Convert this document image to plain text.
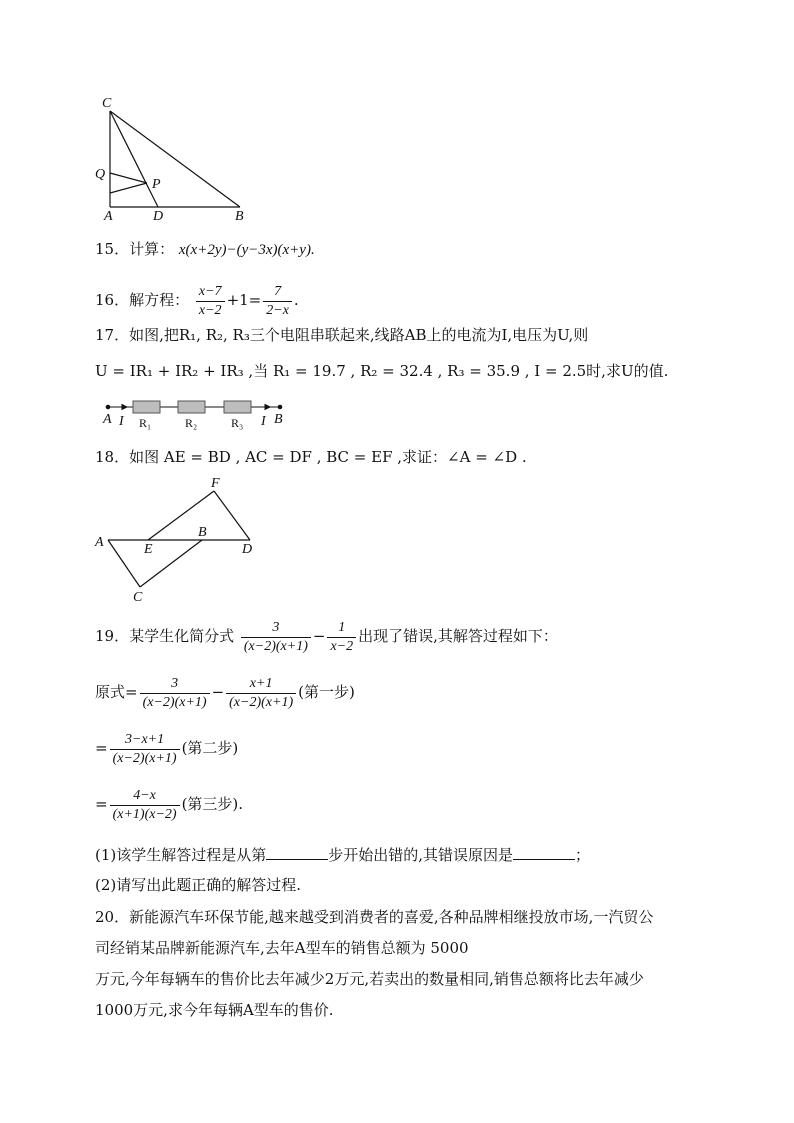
C
Q
P
A	D	B
15．计算： x(x+2y)−(y−3x)(x+y).
16．解方程： $\frac{x-7}{x-2} +1= \frac{7}{2-x}$ .
17．如图,把R₁, R₂, R₃三个电阻串联起来,线路AB上的电流为I,电压为U,则
U = IR₁ + IR₂ + IR₃ ,当 R₁ = 19.7 , R₂ = 32.4 , R₃ = 35.9 , I = 2.5时,求U的值.
A I R₁	R₂	R₃ I B
18．如图 AE = BD , AC = DF , BC = EF ,求证：∠A = ∠D .
F
A	E
B
D
C
19．某学生化简分式 $\frac{3}{(x-2)(x+1)} - \frac{1}{x-2}$ 出现了错误,其解答过程如下：
原式= $\frac{3}{(x-2)(x+1)} - \frac{x+1}{(x-2)(x+1)}$ (第一步)
= $\frac{3-x+1}{(x-2)(x+1)}$ (第二步)
= $\frac{4-x}{(x+1)(x-2)}$ (第三步).
(1)该学生解答过程是从第	步开始出错的,其错误原因是	；
(2)请写出此题正确的解答过程.
20．新能源汽车环保节能,越来越受到消费者的喜爱,各种品牌相继投放市场,一汽贸公
司经销某品牌新能源汽车,去年A型车的销售总额为 5000
万元,今年每辆车的售价比去年减少2万元,若卖出的数量相同,销售总额将比去年减少
1000万元,求今年每辆A型车的售价.
